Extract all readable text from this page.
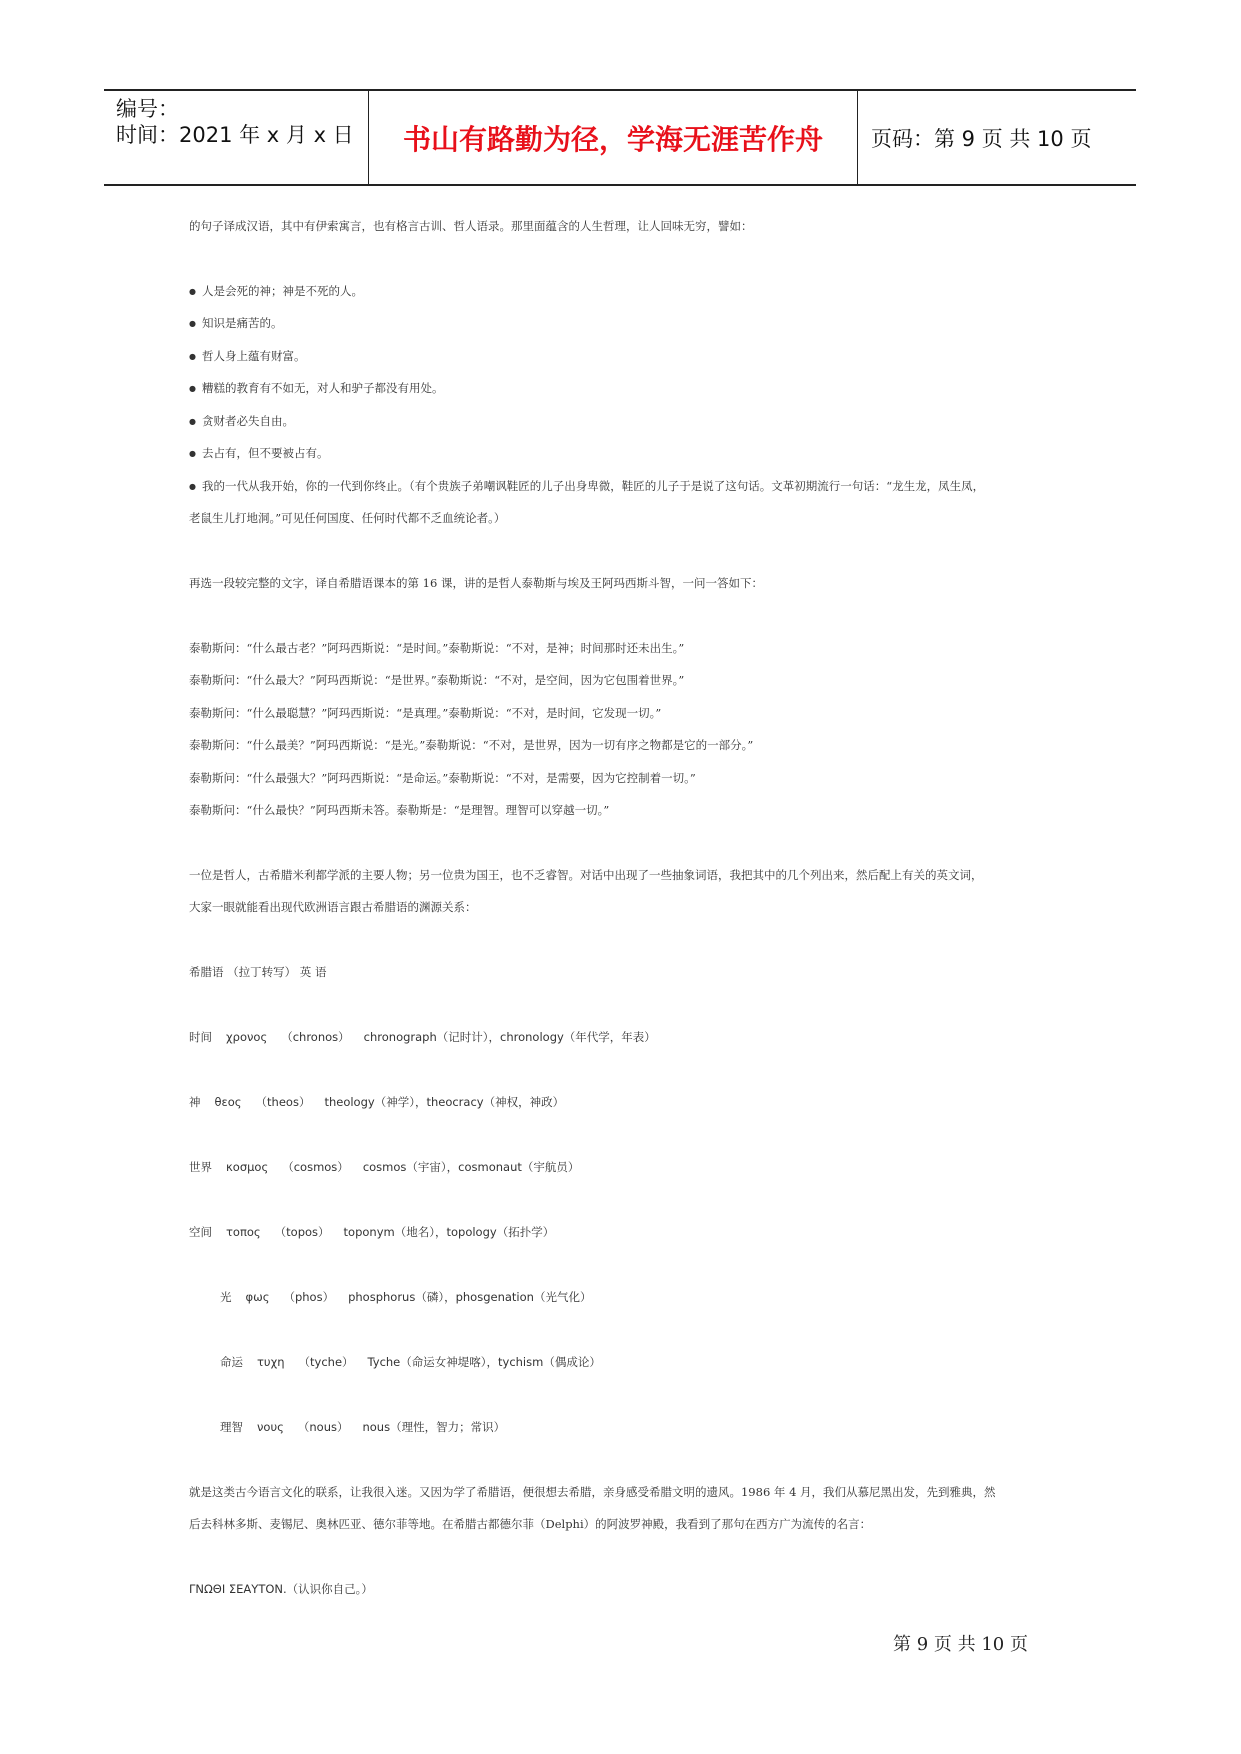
编号：
时间：2021 年 x 月 x 日	书山有路勤为径，学海无涯苦作舟	页码：第 9 页 共 10 页
的句子译成汉语，其中有伊索寓言，也有格言古训、哲人语录。那里面蕴含的人生哲理，让人回味无穷，譬如：
● 人是会死的神；神是不死的人。
● 知识是痛苦的。
● 哲人身上蕴有财富。
● 糟糕的教育有不如无，对人和驴子都没有用处。
● 贪财者必失自由。
● 去占有，但不要被占有。
● 我的一代从我开始，你的一代到你终止。（有个贵族子弟嘲讽鞋匠的儿子出身卑微，鞋匠的儿子于是说了这句话。文革初期流行一句话：“龙生龙，凤生凤，
老鼠生儿打地洞。”可见任何国度、任何时代都不乏血统论者。）
再选一段较完整的文字，译自希腊语课本的第 16 课，讲的是哲人泰勒斯与埃及王阿玛西斯斗智，一问一答如下：
泰勒斯问：“什么最古老？”阿玛西斯说：“是时间。”泰勒斯说：“不对，是神；时间那时还未出生。”
泰勒斯问：“什么最大？”阿玛西斯说：“是世界。”泰勒斯说：“不对，是空间，因为它包围着世界。”
泰勒斯问：“什么最聪慧？”阿玛西斯说：“是真理。”泰勒斯说：“不对，是时间，它发现一切。”
泰勒斯问：“什么最美？”阿玛西斯说：“是光。”泰勒斯说：“不对，是世界，因为一切有序之物都是它的一部分。”
泰勒斯问：“什么最强大？”阿玛西斯说：“是命运。”泰勒斯说：“不对，是需要，因为它控制着一切。”
泰勒斯问：“什么最快？”阿玛西斯未答。泰勒斯是：“是理智。理智可以穿越一切。”
一位是哲人，古希腊米利都学派的主要人物；另一位贵为国王，也不乏睿智。对话中出现了一些抽象词语，我把其中的几个列出来，然后配上有关的英文词，
大家一眼就能看出现代欧洲语言跟古希腊语的渊源关系：
希腊语 （拉丁转写） 英 语
时间 χρονος （chronos） chronograph（记时计），chronology（年代学，年表）
神 θεος （theos） theology（神学），theocracy（神权，神政）
世界 κοσμος （cosmos） cosmos（宇宙），cosmonaut（宇航员）
空间 τοπος （topos） toponym（地名），topology（拓扑学）
光 φως （phos） phosphorus（磷），phosgenation（光气化）
命运 τυχη （tyche） Tyche（命运女神堤喀），tychism（偶成论）
理智 νους （nous） nous（理性，智力；常识）
就是这类古今语言文化的联系，让我很入迷。又因为学了希腊语，便很想去希腊，亲身感受希腊文明的遗风。1986 年 4 月，我们从慕尼黑出发，先到雅典，然
后去科林多斯、麦锡尼、奥林匹亚、德尔菲等地。在希腊古都德尔菲（Delphi）的阿波罗神殿，我看到了那句在西方广为流传的名言：
ΓΝΩΘΙ ΣΕΑΥΤΟΝ.（认识你自己。）
第 9 页 共 10 页
